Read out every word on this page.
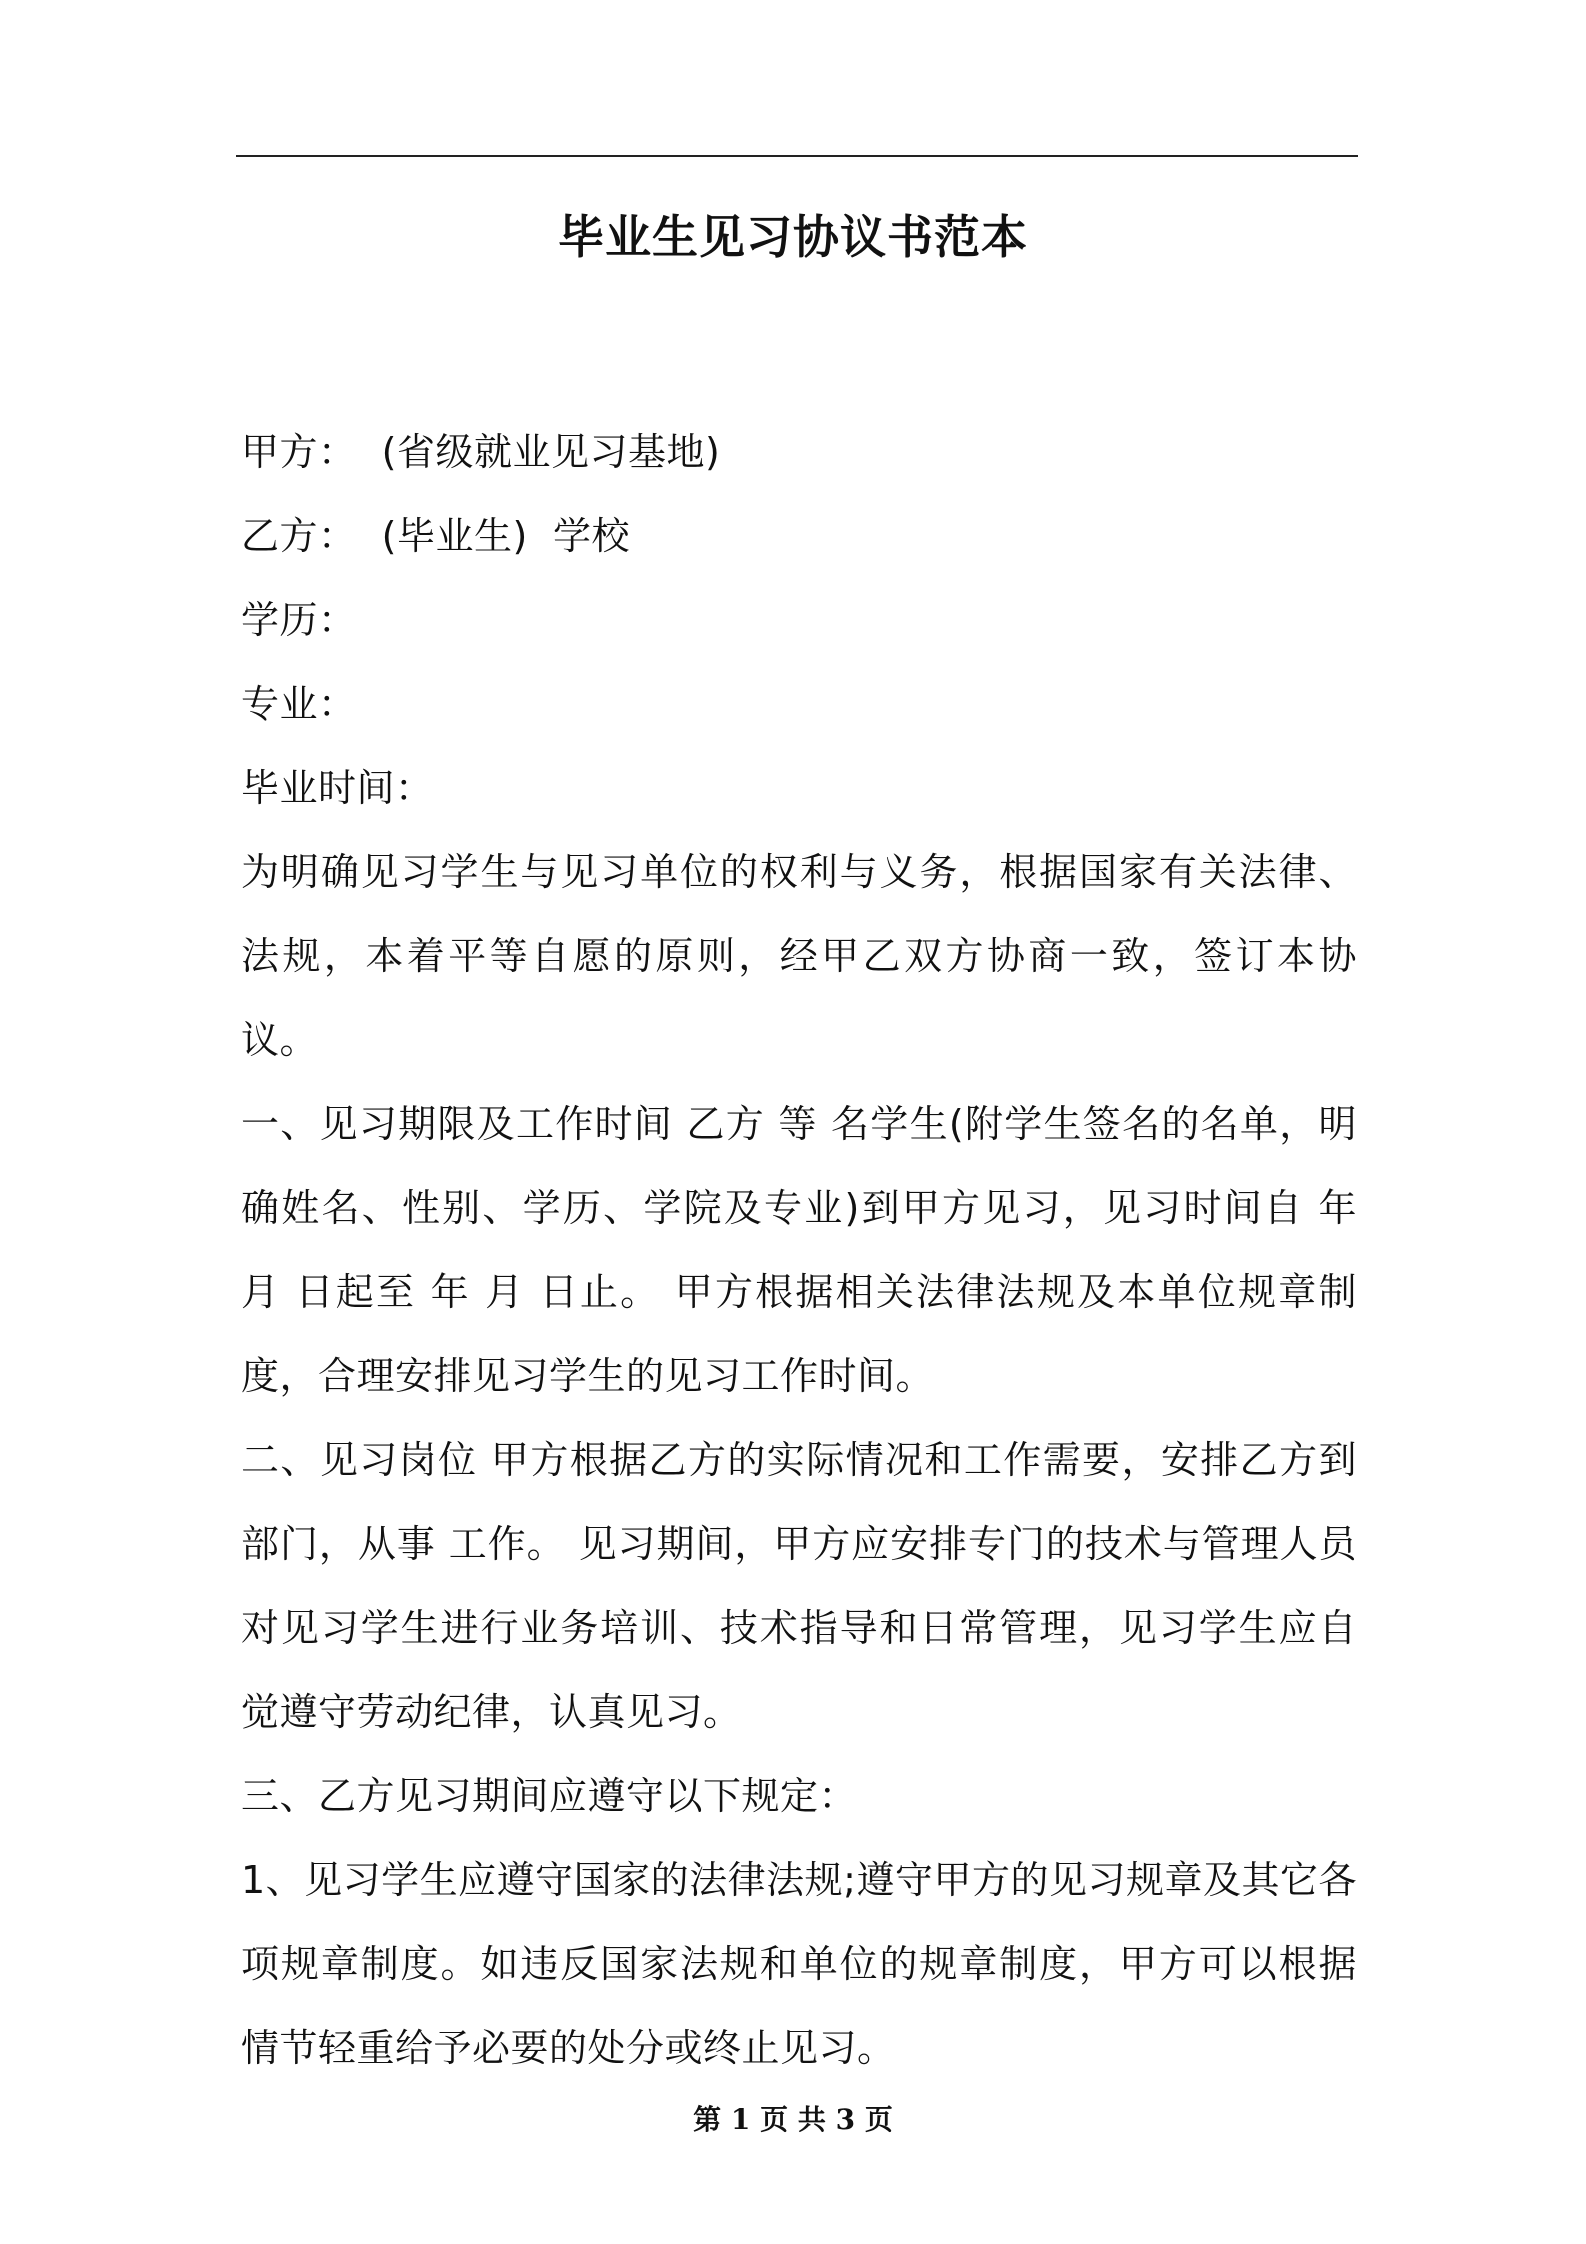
毕业生见习协议书范本
甲方：  (省级就业见习基地)
乙方：  (毕业生)  学校
学历：
专业：
毕业时间：

为明确见习学生与见习单位的权利与义务，根据国家有关法律、法规，本着平等自愿的原则，经甲乙双方协商一致，签订本协议。

一、见习期限及工作时间 乙方 等 名学生(附学生签名的名单，明确姓名、性别、学历、学院及专业)到甲方见习，见习时间自 年 月 日起至 年 月 日止。 甲方根据相关法律法规及本单位规章制度，合理安排见习学生的见习工作时间。

二、见习岗位 甲方根据乙方的实际情况和工作需要，安排乙方到 部门，从事 工作。 见习期间，甲方应安排专门的技术与管理人员对见习学生进行业务培训、技术指导和日常管理，见习学生应自觉遵守劳动纪律，认真见习。

三、乙方见习期间应遵守以下规定：

1、见习学生应遵守国家的法律法规;遵守甲方的见习规章及其它各项规章制度。如违反国家法规和单位的规章制度，甲方可以根据情节轻重给予必要的处分或终止见习。

第 1 页 共 3 页
